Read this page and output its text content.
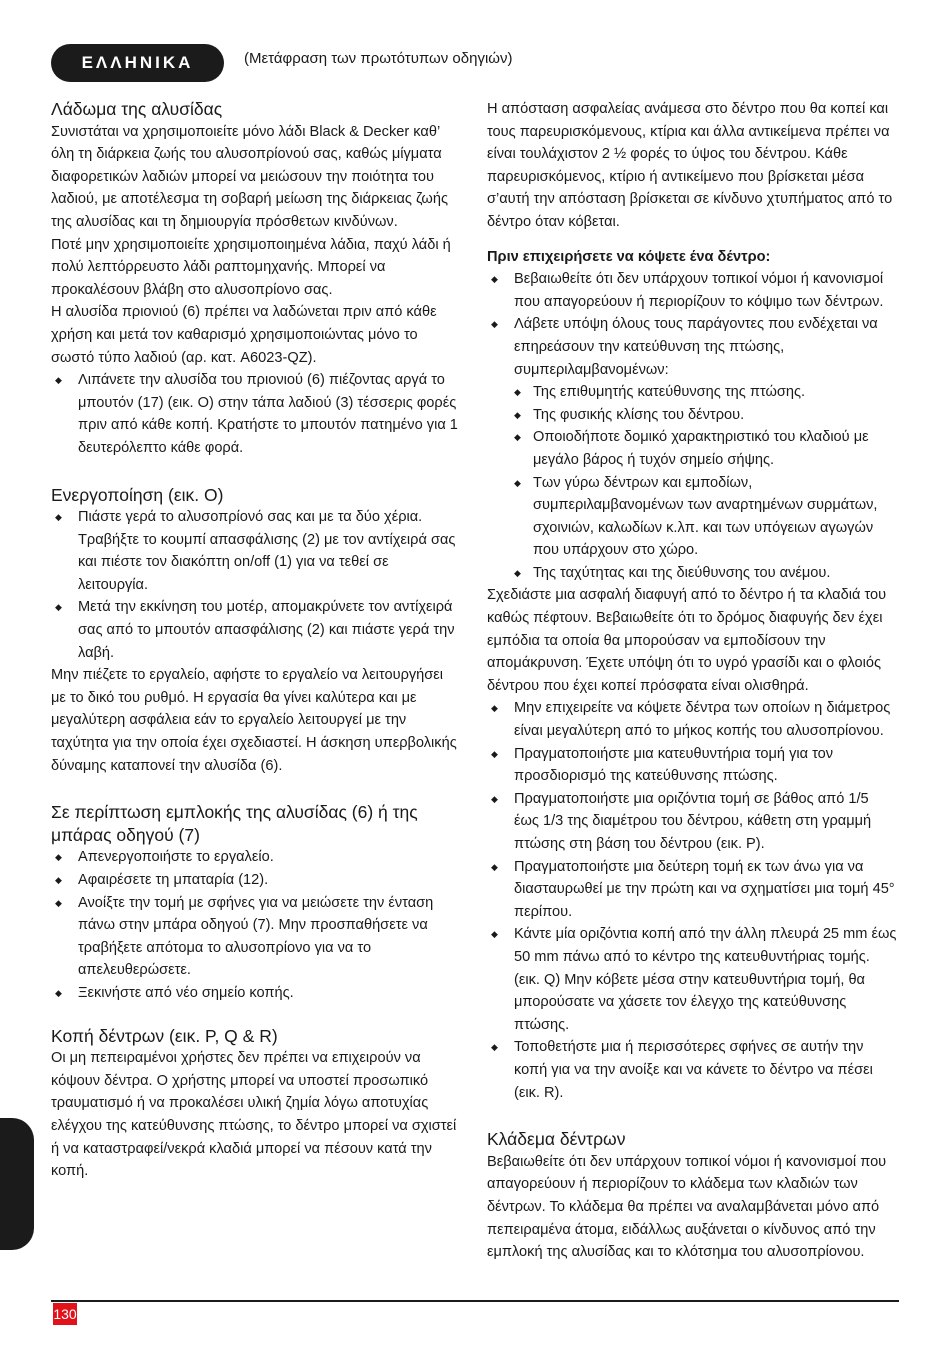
ΕΛΛΗΝΙΚΑ	(Μετάφραση των πρωτότυπων οδηγιών)
Λάδωμα της αλυσίδας

Συνιστάται να χρησιμοποιείτε μόνο λάδι Black & Decker καθ’ όλη τη διάρκεια ζωής του αλυσοπρίονού σας, καθώς μίγματα διαφορετικών λαδιών μπορεί να μειώσουν την ποιότητα του λαδιού, με αποτέλεσμα τη σοβαρή μείωση της διάρκειας ζωής της αλυσίδας και τη δημιουργία πρόσθετων κινδύνων.

Ποτέ μην χρησιμοποιείτε χρησιμοποιημένα λάδια, παχύ λάδι ή πολύ λεπτόρρευστο λάδι ραπτομηχανής. Μπορεί να προκαλέσουν βλάβη στο αλυσοπρίονο σας.

Η αλυσίδα πριονιού (6) πρέπει να λαδώνεται πριν από κάθε χρήση και μετά τον καθαρισμό χρησιμοποιώντας μόνο το σωστό τύπο λαδιού (αρ. κατ. A6023-QZ).

◆ Λιπάνετε την αλυσίδα του πριονιού (6) πιέζοντας αργά το μπουτόν (17) (εικ. O) στην τάπα λαδιού (3) τέσσερις φορές πριν από κάθε κοπή. Κρατήστε το μπουτόν πατημένο για 1 δευτερόλεπτο κάθε φορά.
Ενεργοποίηση (εικ. O)
◆ Πιάστε γερά το αλυσοπρίονό σας και με τα δύο χέρια. Τραβήξτε το κουμπί απασφάλισης (2) με τον αντίχειρά σας και πιέστε τον διακόπτη on/off (1) για να τεθεί σε λειτουργία.
◆ Μετά την εκκίνηση του μοτέρ, απομακρύνετε τον αντίχειρά σας από το μπουτόν απασφάλισης (2) και πιάστε γερά την λαβή.

Μην πιέζετε το εργαλείο, αφήστε το εργαλείο να λειτουργήσει με το δικό του ρυθμό. Η εργασία θα γίνει καλύτερα και με μεγαλύτερη ασφάλεια εάν το εργαλείο λειτουργεί με την ταχύτητα για την οποία έχει σχεδιαστεί. Η άσκηση υπερβολικής δύναμης καταπονεί την αλυσίδα (6).

Σε περίπτωση εμπλοκής της αλυσίδας (6) ή της μπάρας οδηγού (7)
◆ Απενεργοποιήστε το εργαλείο.
◆ Αφαιρέσετε τη μπαταρία (12).
◆ Ανοίξτε την τομή με σφήνες για να μειώσετε την ένταση πάνω στην μπάρα οδηγού (7). Μην προσπαθήσετε να τραβήξετε απότομα το αλυσοπρίονο για να το απελευθερώσετε.
◆ Ξεκινήστε από νέο σημείο κοπής.
Κοπή δέντρων (εικ. P, Q & R)

Οι μη πεπειραμένοι χρήστες δεν πρέπει να επιχειρούν να κόψουν δέντρα. Ο χρήστης μπορεί να υποστεί προσωπικό τραυματισμό ή να προκαλέσει υλική ζημία λόγω αποτυχίας ελέγχου της κατεύθυνσης πτώσης, το δέντρο μπορεί να σχιστεί ή να καταστραφεί/νεκρά κλαδιά μπορεί να πέσουν κατά την κοπή.

Η απόσταση ασφαλείας ανάμεσα στο δέντρο που θα κοπεί και τους παρευρισκόμενους, κτίρια και άλλα αντικείμενα πρέπει να είναι τουλάχιστον 2 ½ φορές το ύψος του δέντρου. Κάθε παρευρισκόμενος, κτίριο ή αντικείμενο που βρίσκεται μέσα σ’αυτή την απόσταση βρίσκεται σε κίνδυνο χτυπήματος από το δέντρο όταν κόβεται.

Πριν επιχειρήσετε να κόψετε ένα δέντρο:
◆ Βεβαιωθείτε ότι δεν υπάρχουν τοπικοί νόμοι ή κανονισμοί που απαγορεύουν ή περιορίζουν το κόψιμο των δέντρων.
◆ Λάβετε υπόψη όλους τους παράγοντες που ενδέχεται να επηρεάσουν την κατεύθυνση της πτώσης, συμπεριλαμβανομένων:
◆ Της επιθυμητής κατεύθυνσης της πτώσης.
◆ Της φυσικής κλίσης του δέντρου.
◆ Οποιοδήποτε δομικό χαρακτηριστικό του κλαδιού με μεγάλο βάρος ή τυχόν σημείο σήψης.
◆ Των γύρω δέντρων και εμποδίων, συμπεριλαμβανομένων των αναρτημένων συρμάτων, σχοινιών, καλωδίων κ.λπ. και των υπόγειων αγωγών που υπάρχουν στο χώρο.
◆ Της ταχύτητας και της διεύθυνσης του ανέμου.

Σχεδιάστε μια ασφαλή διαφυγή από το δέντρο ή τα κλαδιά του καθώς πέφτουν. Βεβαιωθείτε ότι το δρόμος διαφυγής δεν έχει εμπόδια τα οποία θα μπορούσαν να εμποδίσουν την απομάκρυνση. Έχετε υπόψη ότι το υγρό γρασίδι και ο φλοιός δέντρου που έχει κοπεί πρόσφατα είναι ολισθηρά.

◆ Μην επιχειρείτε να κόψετε δέντρα των οποίων η διάμετρος είναι μεγαλύτερη από το μήκος κοπής του αλυσοπρίονου.
◆ Πραγματοποιήστε μια κατευθυντήρια τομή για τον προσδιορισμό της κατεύθυνσης πτώσης.
◆ Πραγματοποιήστε μια οριζόντια τομή σε βάθος από 1/5 έως 1/3 της διαμέτρου του δέντρου, κάθετη στη γραμμή πτώσης στη βάση του δέντρου (εικ. P).
◆ Πραγματοποιήστε μια δεύτερη τομή εκ των άνω για να διασταυρωθεί με την πρώτη και να σχηματίσει μια τομή 45° περίπου.
◆ Κάντε μία οριζόντια κοπή από την άλλη πλευρά 25 mm έως 50 mm πάνω από το κέντρο της κατευθυντήριας τομής. (εικ. Q) Μην κόβετε μέσα στην κατευθυντήρια τομή, θα μπορούσατε να χάσετε τον έλεγχο της κατεύθυνσης πτώσης.
◆ Τοποθετήστε μια ή περισσότερες σφήνες σε αυτήν την κοπή για να την ανοίξε και να κάνετε το δέντρο να πέσει (εικ. R).
Κλάδεμα δέντρων

Βεβαιωθείτε ότι δεν υπάρχουν τοπικοί νόμοι ή κανονισμοί που απαγορεύουν ή περιορίζουν το κλάδεμα των κλαδιών των δέντρων. Το κλάδεμα θα πρέπει να αναλαμβάνεται μόνο από πεπειραμένα άτομα, ειδάλλως αυξάνεται ο κίνδυνος από την εμπλοκή της αλυσίδας και το κλότσημα του αλυσοπρίονου.

130
